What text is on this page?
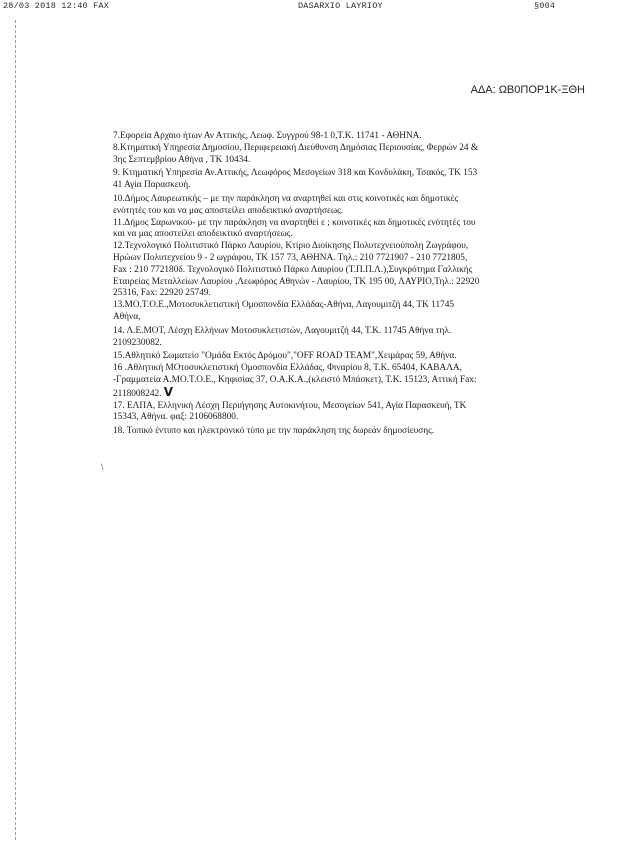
28/03 2018 12:40 FAX	DASARXIO LAYRIOY	§004
ΑΔΑ: ΩΒ0ΠΟΡ1Κ-ΞΘΗ

7.Εφορεία Αρχαιο ήτων Αν Αττικής, Λεωφ. Συγγρού 98-1 0,Τ.Κ. 11741 - ΑΘΗΝΑ.

8.Κτηματική Υπηρεσία Δημοσίου, Περιφερειακή Διεύθυνση Δημόσιας Περιουσίας, Φερρών 24 &
3ης Σεπτεμβρίου Αθήνα , ΤΚ 10434.

9. Κτηματική Υπηρεσία Αν.Αττικής, Λεωφόρος Μεσογείων 318 και Κονδυλάκη, Τσακός, ΤΚ 153
41 Αγία Παρασκευή.

10.Δήμος Λαυρεωτικής – με την παράκληση να αναρτηθεί και στις κοινοτικές και δημοτικές
ενότητές του και να μας αποστείλει αποδεικτικό αναρτήσεως.

11.Δήμος Σαρωνικού- με την παράκληση να αναρτηθεί ε ; κοινοτικές και δημοτικές ενότητές του
και να μας αποστείλει αποδεικτικό αναρτήσεως.

12.Τεχνολογικό Πολιτιστικό Πάρκο Λαυρίου, Κτίριο Διοίκησης Πολυτεχνειούπολη Ζωγράφου,
Ηρώων Πολυτεχνείου 9 - 2 ωγράφου, ΤΚ 157 73, ΑΘΗΝΑ. Τηλ.: 210 7721907 - 210 7721805,
Fax : 210 772180δ. Τεχνολογικό Πολιτιστικό Πάρκο Λαυρίου (Τ.Π.Π.Λ.),Συγκρότημα Γαλλικής
Εταιρείας Μεταλλείων Λαυρίου ,Λεωφόρος Αθηνών - Λαυρίου, ΤΚ 195 00, ΛΑΥΡΙΟ,Τηλ.: 22920
25316, Fax: 22920 25749.

13.ΜΟ.Τ.Ο.Ε.,Μοτοσυκλετιστική Ομοσπονδία Ελλάδας-Αθήνα, Λαγουμιτζή 44, ΤΚ 11745
Αθήνα,

14. Λ.Ε.ΜΟΤ, Λέσχη Ελλήνων Μοτοσυκλετιστών, Λαγουμιτζή 44, Τ.Κ. 11745 Αθήνα τηλ.
2109230082.

15.Αθλητικό Σωματείο "Ομάδα Εκτός Δρόμου","OFF ROAD TEAM",Χειμάρας 59, Αθήνα.

16 .Αθλητική ΜΟτοσυκλετιστική Ομοσπονδία Ελλάδας, Φιναρίου 8, Τ.Κ. 65404, ΚΑΒΑΛΑ,
-Γραμματεία Α.ΜΟ.Τ.Ο.Ε., Κηφισίας 37, Ο.Α.Κ.Α.,(κλειστό Μπάσκετ), Τ.Κ. 15123, Αττική Fax:
2118008242. V

17. ΕΛΠΑ, Ελληνική Λέσχη Περιήγησης Αυτοκινήτου, Μεσογείων 541, Αγία Παρασκευή, ΤΚ
15343, Αθήνα. φαξ: 2106068800.

18. Τοπικό έντυπο και ηλεκτρονικό τύπο με την παράκληση της δωρεάν δημοσίευσης.

\
